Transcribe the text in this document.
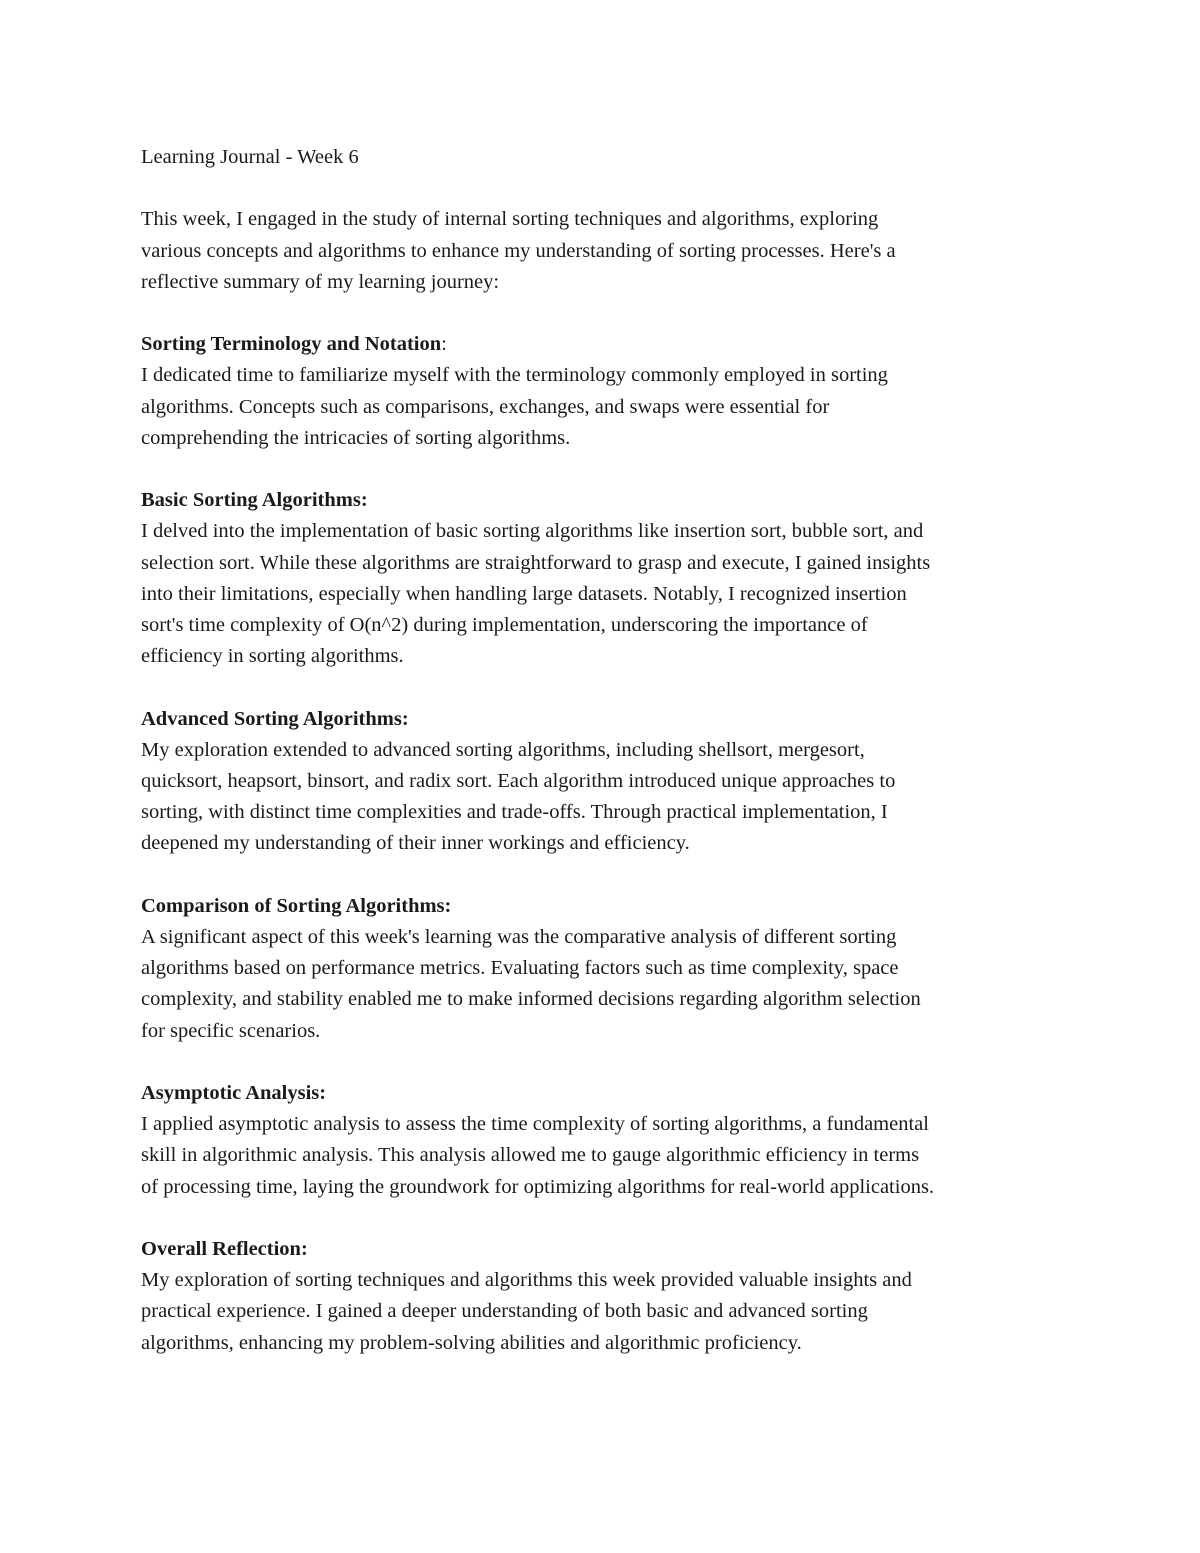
Learning Journal - Week 6

This week, I engaged in the study of internal sorting techniques and algorithms, exploring

various concepts and algorithms to enhance my understanding of sorting processes. Here's a

reflective summary of my learning journey:

Sorting Terminology and Notation:

I dedicated time to familiarize myself with the terminology commonly employed in sorting

algorithms. Concepts such as comparisons, exchanges, and swaps were essential for

comprehending the intricacies of sorting algorithms.

Basic Sorting Algorithms:

I delved into the implementation of basic sorting algorithms like insertion sort, bubble sort, and

selection sort. While these algorithms are straightforward to grasp and execute, I gained insights

into their limitations, especially when handling large datasets. Notably, I recognized insertion

sort's time complexity of O(n^2) during implementation, underscoring the importance of

efficiency in sorting algorithms.

Advanced Sorting Algorithms:

My exploration extended to advanced sorting algorithms, including shellsort, mergesort,

quicksort, heapsort, binsort, and radix sort. Each algorithm introduced unique approaches to

sorting, with distinct time complexities and trade-offs. Through practical implementation, I

deepened my understanding of their inner workings and efficiency.

Comparison of Sorting Algorithms:

A significant aspect of this week's learning was the comparative analysis of different sorting

algorithms based on performance metrics. Evaluating factors such as time complexity, space

complexity, and stability enabled me to make informed decisions regarding algorithm selection

for specific scenarios.

Asymptotic Analysis:

I applied asymptotic analysis to assess the time complexity of sorting algorithms, a fundamental

skill in algorithmic analysis. This analysis allowed me to gauge algorithmic efficiency in terms

of processing time, laying the groundwork for optimizing algorithms for real-world applications.

Overall Reflection:

My exploration of sorting techniques and algorithms this week provided valuable insights and

practical experience. I gained a deeper understanding of both basic and advanced sorting

algorithms, enhancing my problem-solving abilities and algorithmic proficiency.
